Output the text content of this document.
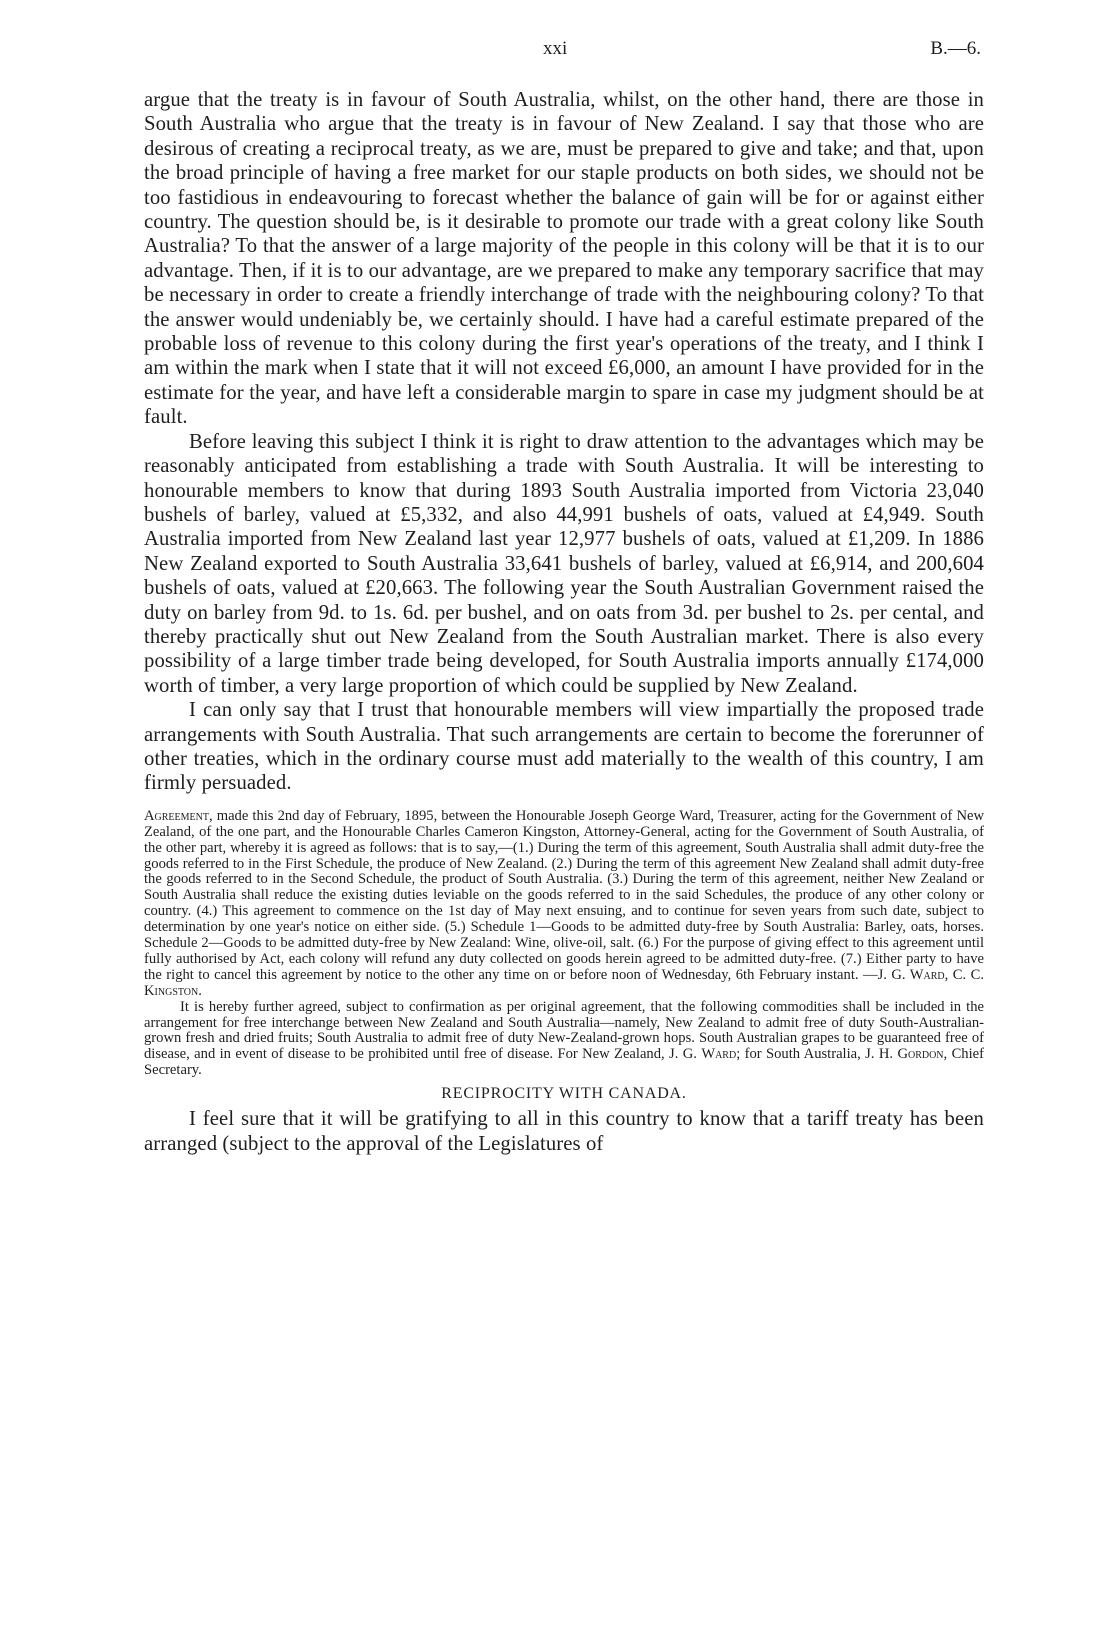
xxi	B.—6.

argue that the treaty is in favour of South Australia, whilst, on the other hand, there are those in South Australia who argue that the treaty is in favour of New Zealand. I say that those who are desirous of creating a reciprocal treaty, as we are, must be prepared to give and take; and that, upon the broad principle of having a free market for our staple products on both sides, we should not be too fastidious in endeavouring to forecast whether the balance of gain will be for or against either country. The question should be, is it desirable to promote our trade with a great colony like South Australia? To that the answer of a large majority of the people in this colony will be that it is to our advantage. Then, if it is to our advantage, are we prepared to make any temporary sacrifice that may be necessary in order to create a friendly interchange of trade with the neighbouring colony? To that the answer would undeniably be, we certainly should. I have had a careful estimate prepared of the probable loss of revenue to this colony during the first year's operations of the treaty, and I think I am within the mark when I state that it will not exceed £6,000, an amount I have provided for in the estimate for the year, and have left a considerable margin to spare in case my judgment should be at fault.

Before leaving this subject I think it is right to draw attention to the advantages which may be reasonably anticipated from establishing a trade with South Australia. It will be interesting to honourable members to know that during 1893 South Australia imported from Victoria 23,040 bushels of barley, valued at £5,332, and also 44,991 bushels of oats, valued at £4,949. South Australia imported from New Zealand last year 12,977 bushels of oats, valued at £1,209. In 1886 New Zealand exported to South Australia 33,641 bushels of barley, valued at £6,914, and 200,604 bushels of oats, valued at £20,663. The following year the South Australian Government raised the duty on barley from 9d. to 1s. 6d. per bushel, and on oats from 3d. per bushel to 2s. per cental, and thereby practically shut out New Zealand from the South Australian market. There is also every possibility of a large timber trade being developed, for South Australia imports annually £174,000 worth of timber, a very large proportion of which could be supplied by New Zealand.

I can only say that I trust that honourable members will view impartially the proposed trade arrangements with South Australia. That such arrangements are certain to become the forerunner of other treaties, which in the ordinary course must add materially to the wealth of this country, I am firmly persuaded.

Agreement, made this 2nd day of February, 1895, between the Honourable Joseph George Ward, Treasurer, acting for the Government of New Zealand, of the one part, and the Honourable Charles Cameron Kingston, Attorney-General, acting for the Government of South Australia, of the other part, whereby it is agreed as follows: that is to say,—(1.) During the term of this agreement, South Australia shall admit duty-free the goods referred to in the First Schedule, the produce of New Zealand. (2.) During the term of this agreement New Zealand shall admit duty-free the goods referred to in the Second Schedule, the product of South Australia. (3.) During the term of this agreement, neither New Zealand or South Australia shall reduce the existing duties leviable on the goods referred to in the said Schedules, the produce of any other colony or country. (4.) This agreement to commence on the 1st day of May next ensuing, and to continue for seven years from such date, subject to determination by one year's notice on either side. (5.) Schedule 1—Goods to be admitted duty-free by South Australia: Barley, oats, horses. Schedule 2—Goods to be admitted duty-free by New Zealand: Wine, olive-oil, salt. (6.) For the purpose of giving effect to this agreement until fully authorised by Act, each colony will refund any duty collected on goods herein agreed to be admitted duty-free. (7.) Either party to have the right to cancel this agreement by notice to the other any time on or before noon of Wednesday, 6th February instant. —J. G. Ward, C. C. Kingston.

It is hereby further agreed, subject to confirmation as per original agreement, that the following commodities shall be included in the arrangement for free interchange between New Zealand and South Australia—namely, New Zealand to admit free of duty South-Australian-grown fresh and dried fruits; South Australia to admit free of duty New-Zealand-grown hops. South Australian grapes to be guaranteed free of disease, and in event of disease to be prohibited until free of disease. For New Zealand, J. G. Ward; for South Australia, J. H. Gordon, Chief Secretary.

RECIPROCITY WITH CANADA.

I feel sure that it will be gratifying to all in this country to know that a tariff treaty has been arranged (subject to the approval of the Legislatures of
